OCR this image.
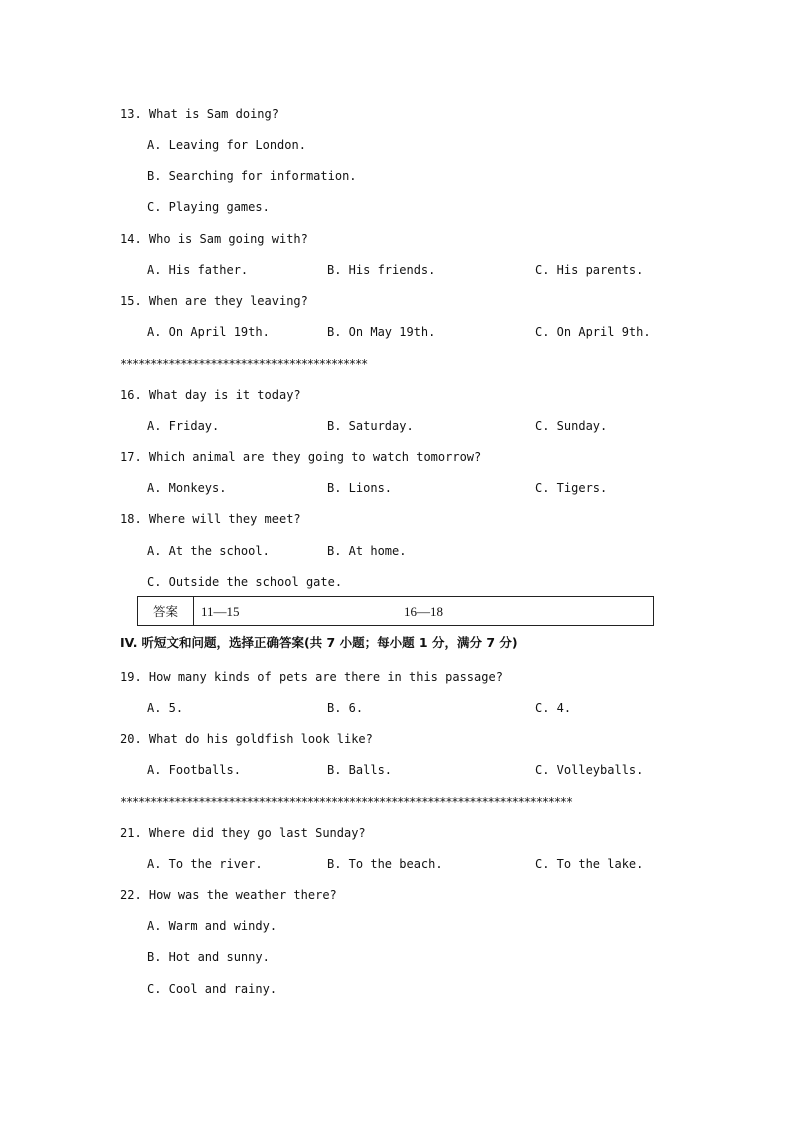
13. What is Sam doing?
A. Leaving for London.
B. Searching for information.
C. Playing games.
14. Who is Sam going with?
A. His father.	B. His friends.	C. His parents.
15. When are they leaving?
A. On April 19th.	B. On May 19th.	C. On April 9th.
*****************************************
16. What day is it today?
A. Friday.	B. Saturday.	C. Sunday.
17. Which animal are they going to watch tomorrow?
A. Monkeys.	B. Lions.	C. Tigers.
18. Where will they meet?
A. At the school.	B. At home.
C. Outside the school gate.
答案	11—15	16—18
IV. 听短文和问题，选择正确答案(共 7 小题；每小题 1 分，满分 7 分)
19. How many kinds of pets are there in this passage?
A. 5.	B. 6.	C. 4.
20. What do his goldfish look like?
A. Footballs.	B. Balls.	C. Volleyballs.
***************************************************************************
21. Where did they go last Sunday?
A. To the river.	B. To the beach.	C. To the lake.
22. How was the weather there?
A. Warm and windy.
B. Hot and sunny.
C. Cool and rainy.
